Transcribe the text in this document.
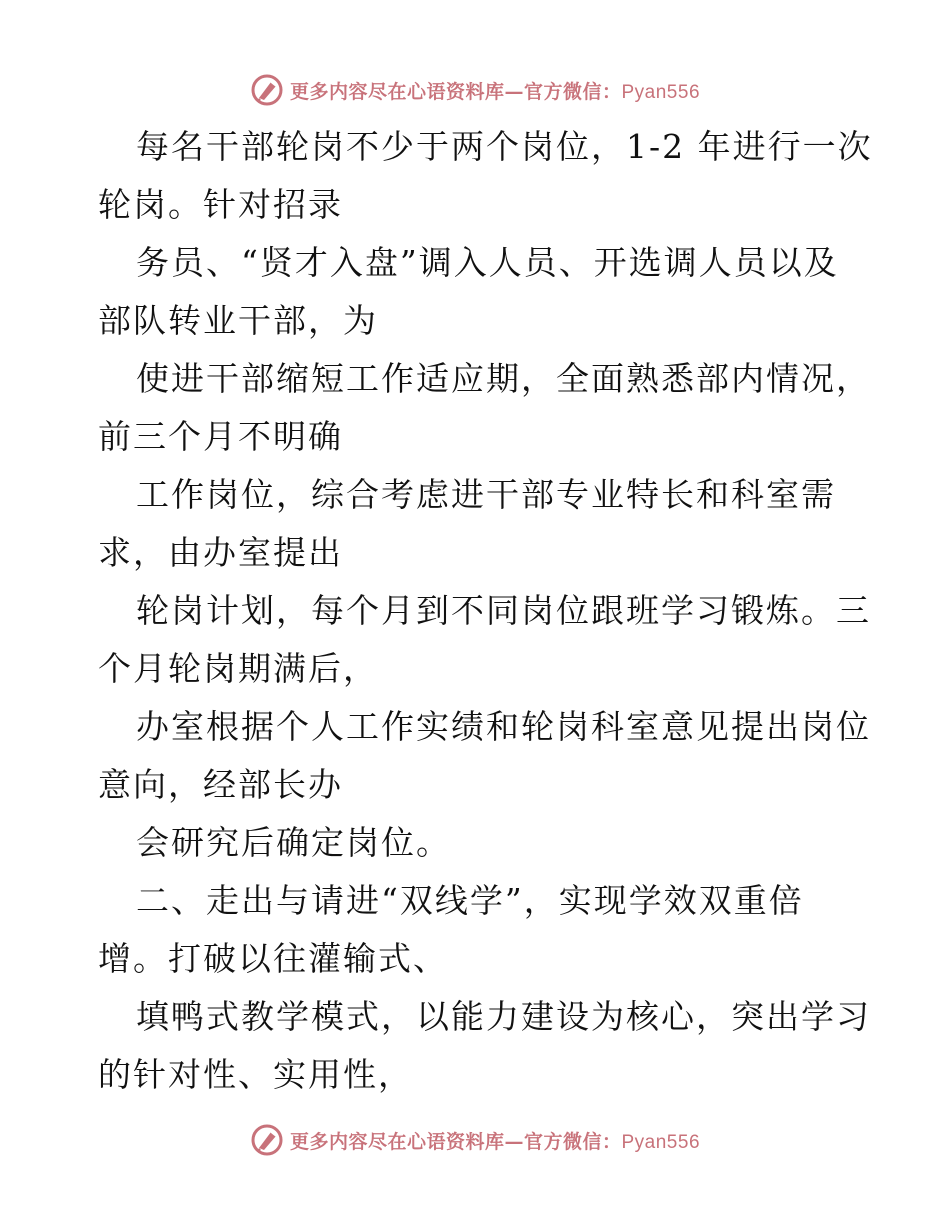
更多内容尽在心语资料库—官方微信：Pyan556

每名干部轮岗不少于两个岗位，1-2 年进行一次

轮岗。针对招录

务员、“贤才入盘”调入人员、开选调人员以及

部队转业干部，为

使进干部缩短工作适应期，全面熟悉部内情况，

前三个月不明确

工作岗位，综合考虑进干部专业特长和科室需

求，由办室提出

轮岗计划，每个月到不同岗位跟班学习锻炼。三

个月轮岗期满后，

办室根据个人工作实绩和轮岗科室意见提出岗位

意向，经部长办

会研究后确定岗位。

二、走出与请进“双线学”，实现学效双重倍

增。打破以往灌输式、

填鸭式教学模式，以能力建设为核心，突出学习

的针对性、实用性，

更多内容尽在心语资料库—官方微信：Pyan556
